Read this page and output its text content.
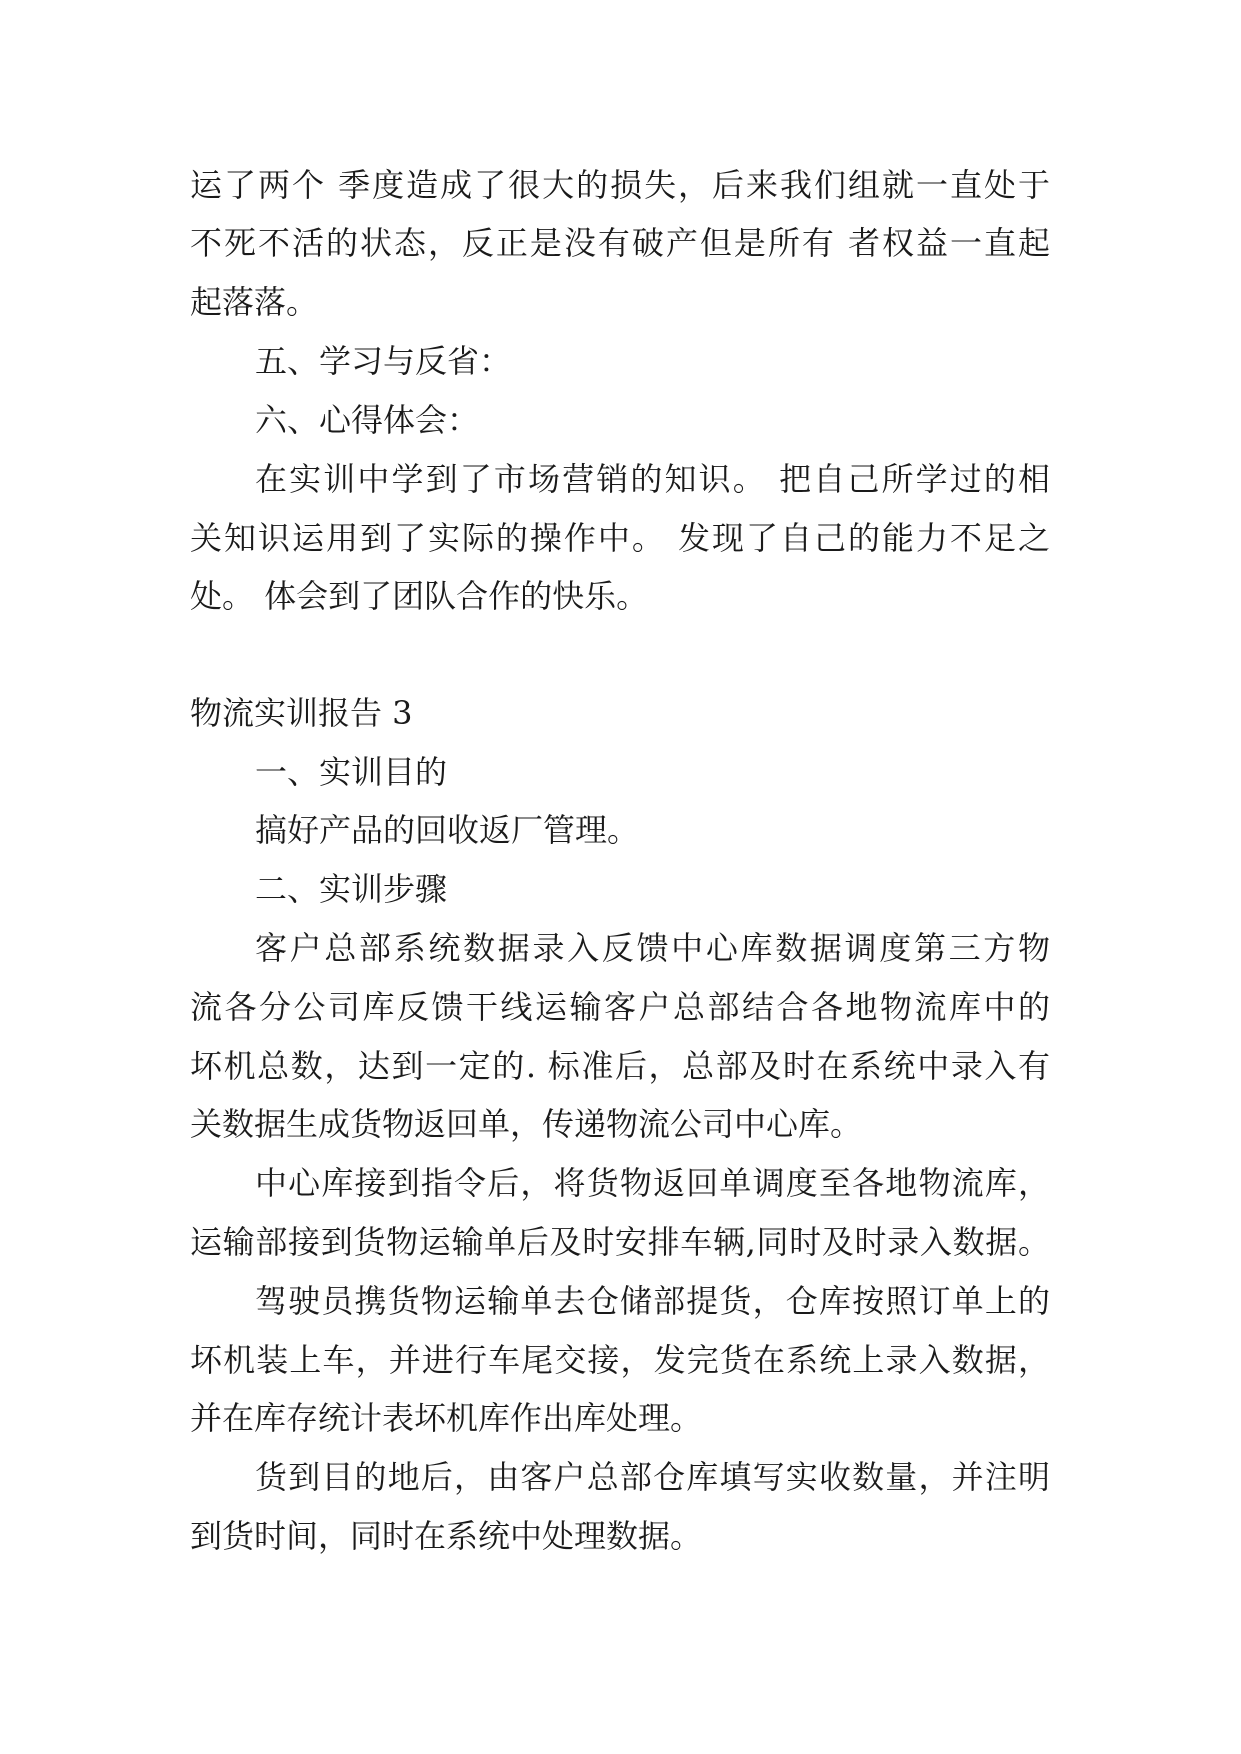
运了两个 季度造成了很大的损失，后来我们组就一直处于
不死不活的状态，反正是没有破产但是所有 者权益一直起
起落落。
五、学习与反省：
六、心得体会：
在实训中学到了市场营销的知识。 把自己所学过的相
关知识运用到了实际的操作中。 发现了自己的能力不足之
处。 体会到了团队合作的快乐。
物流实训报告 3
一、实训目的
搞好产品的回收返厂管理。
二、实训步骤
客户总部系统数据录入反馈中心库数据调度第三方物
流各分公司库反馈干线运输客户总部结合各地物流库中的
坏机总数，达到一定的. 标准后，总部及时在系统中录入有
关数据生成货物返回单，传递物流公司中心库。
中心库接到指令后，将货物返回单调度至各地物流库，
运输部接到货物运输单后及时安排车辆,同时及时录入数据。
驾驶员携货物运输单去仓储部提货，仓库按照订单上的
坏机装上车，并进行车尾交接，发完货在系统上录入数据，
并在库存统计表坏机库作出库处理。
货到目的地后，由客户总部仓库填写实收数量，并注明
到货时间，同时在系统中处理数据。
